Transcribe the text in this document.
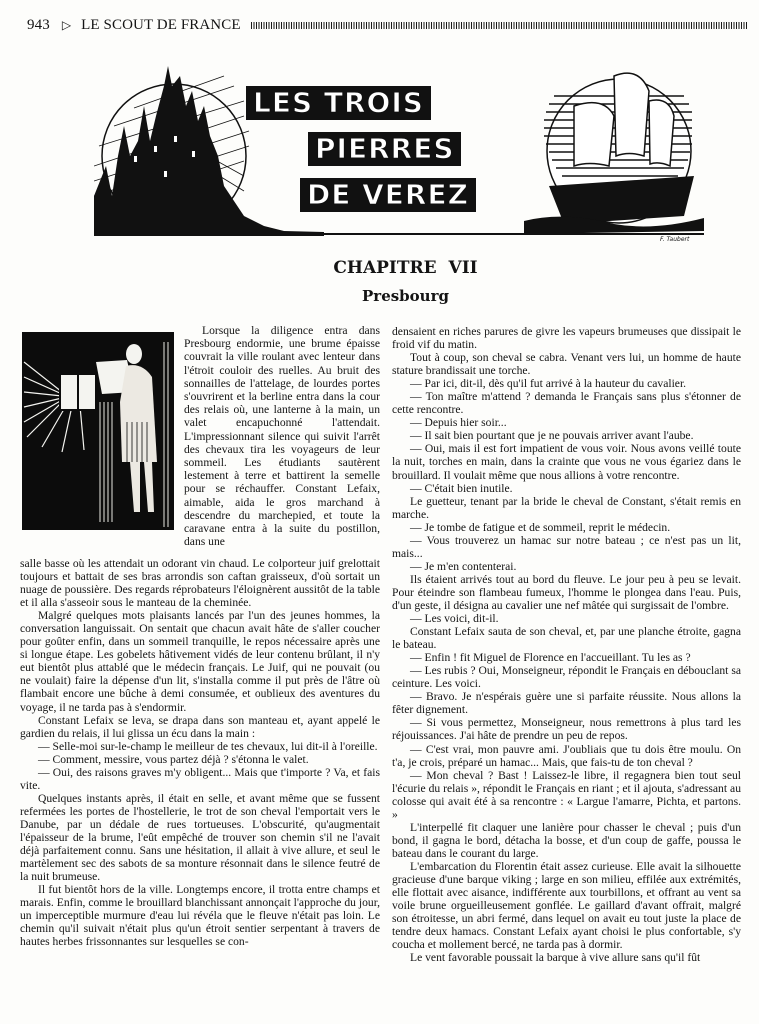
943 ▷ LE SCOUT DE FRANCE
LES TROIS
PIERRES
DE VEREZ
F. Taubert
CHAPITRE VII
Presbourg

Lorsque la diligence entra dans Presbourg endormie, une brume épaisse couvrait la ville roulant avec lenteur dans l'étroit couloir des ruelles. Au bruit des sonnailles de l'attelage, de lourdes portes s'ouvrirent et la berline entra dans la cour des relais où, une lanterne à la main, un valet encapuchonné l'attendait. L'impressionnant silence qui suivit l'arrêt des chevaux tira les voyageurs de leur sommeil. Les étudiants sautèrent lestement à terre et battirent la semelle pour se réchauffer. Constant Lefaix, aimable, aida le gros marchand à descendre du marchepied, et toute la caravane entra à la suite du postillon, dans une

salle basse où les attendait un odorant vin chaud. Le colporteur juif grelottait toujours et battait de ses bras arrondis son caftan graisseux, d'où sortait un nuage de poussière. Des regards réprobateurs l'éloignèrent aussitôt de la table et il alla s'asseoir sous le manteau de la cheminée.

Malgré quelques mots plaisants lancés par l'un des jeunes hommes, la conversation languissait. On sentait que chacun avait hâte de s'aller coucher pour goûter enfin, dans un sommeil tranquille, le repos nécessaire après une si longue étape. Les gobelets hâtivement vidés de leur contenu brûlant, il n'y eut bientôt plus attablé que le médecin français. Le Juif, qui ne pouvait (ou ne voulait) faire la dépense d'un lit, s'installa comme il put près de l'âtre où flambait encore une bûche à demi consumée, et oublieux des aventures du voyage, il ne tarda pas à s'endormir.

Constant Lefaix se leva, se drapa dans son manteau et, ayant appelé le gardien du relais, il lui glissa un écu dans la main :

— Selle-moi sur-le-champ le meilleur de tes chevaux, lui dit-il à l'oreille.

— Comment, messire, vous partez déjà ? s'étonna le valet.

— Oui, des raisons graves m'y obligent... Mais que t'importe ? Va, et fais vite.

Quelques instants après, il était en selle, et avant même que se fussent refermées les portes de l'hostellerie, le trot de son cheval l'emportait vers le Danube, par un dédale de rues tortueuses. L'obscurité, qu'augmentait l'épaisseur de la brume, l'eût empêché de trouver son chemin s'il ne l'avait déjà parfaitement connu. Sans une hésitation, il allait à vive allure, et seul le martèlement sec des sabots de sa monture résonnait dans le silence feutré de la nuit brumeuse.

Il fut bientôt hors de la ville. Longtemps encore, il trotta entre champs et marais. Enfin, comme le brouillard blanchissant annonçait l'approche du jour, un imperceptible murmure d'eau lui révéla que le fleuve n'était pas loin. Le chemin qu'il suivait n'était plus qu'un étroit sentier serpentant à travers de hautes herbes frissonnantes sur lesquelles se con-

densaient en riches parures de givre les vapeurs brumeuses que dissipait le froid vif du matin.

Tout à coup, son cheval se cabra. Venant vers lui, un homme de haute stature brandissait une torche.

— Par ici, dit-il, dès qu'il fut arrivé à la hauteur du cavalier.

— Ton maître m'attend ? demanda le Français sans plus s'étonner de cette rencontre.

— Depuis hier soir...

— Il sait bien pourtant que je ne pouvais arriver avant l'aube.

— Oui, mais il est fort impatient de vous voir. Nous avons veillé toute la nuit, torches en main, dans la crainte que vous ne vous égariez dans le brouillard. Il voulait même que nous allions à votre rencontre.

— C'était bien inutile.

Le guetteur, tenant par la bride le cheval de Constant, s'était remis en marche.

— Je tombe de fatigue et de sommeil, reprit le médecin.

— Vous trouverez un hamac sur notre bateau ; ce n'est pas un lit, mais...

— Je m'en contenterai.

Ils étaient arrivés tout au bord du fleuve. Le jour peu à peu se levait. Pour éteindre son flambeau fumeux, l'homme le plongea dans l'eau. Puis, d'un geste, il désigna au cavalier une nef mâtée qui surgissait de l'ombre.

— Les voici, dit-il.

Constant Lefaix sauta de son cheval, et, par une planche étroite, gagna le bateau.

— Enfin ! fit Miguel de Florence en l'accueillant. Tu les as ?

— Les rubis ? Oui, Monseigneur, répondit le Français en débouclant sa ceinture. Les voici.

— Bravo. Je n'espérais guère une si parfaite réussite. Nous allons la fêter dignement.

— Si vous permettez, Monseigneur, nous remettrons à plus tard les réjouissances. J'ai hâte de prendre un peu de repos.

— C'est vrai, mon pauvre ami. J'oubliais que tu dois être moulu. On t'a, je crois, préparé un hamac... Mais, que fais-tu de ton cheval ?

— Mon cheval ? Bast ! Laissez-le libre, il regagnera bien tout seul l'écurie du relais », répondit le Français en riant ; et il ajouta, s'adressant au colosse qui avait été à sa rencontre : « Largue l'amarre, Pichta, et partons. »

L'interpellé fit claquer une lanière pour chasser le cheval ; puis d'un bond, il gagna le bord, détacha la bosse, et d'un coup de gaffe, poussa le bateau dans le courant du large.

L'embarcation du Florentin était assez curieuse. Elle avait la silhouette gracieuse d'une barque viking ; large en son milieu, effilée aux extrémités, elle flottait avec aisance, indifférente aux tourbillons, et offrant au vent sa voile brune orgueilleusement gonflée. Le gaillard d'avant offrait, malgré son étroitesse, un abri fermé, dans lequel on avait eu tout juste la place de tendre deux hamacs. Constant Lefaix ayant choisi le plus confortable, s'y coucha et mollement bercé, ne tarda pas à dormir.

Le vent favorable poussait la barque à vive allure sans qu'il fût
